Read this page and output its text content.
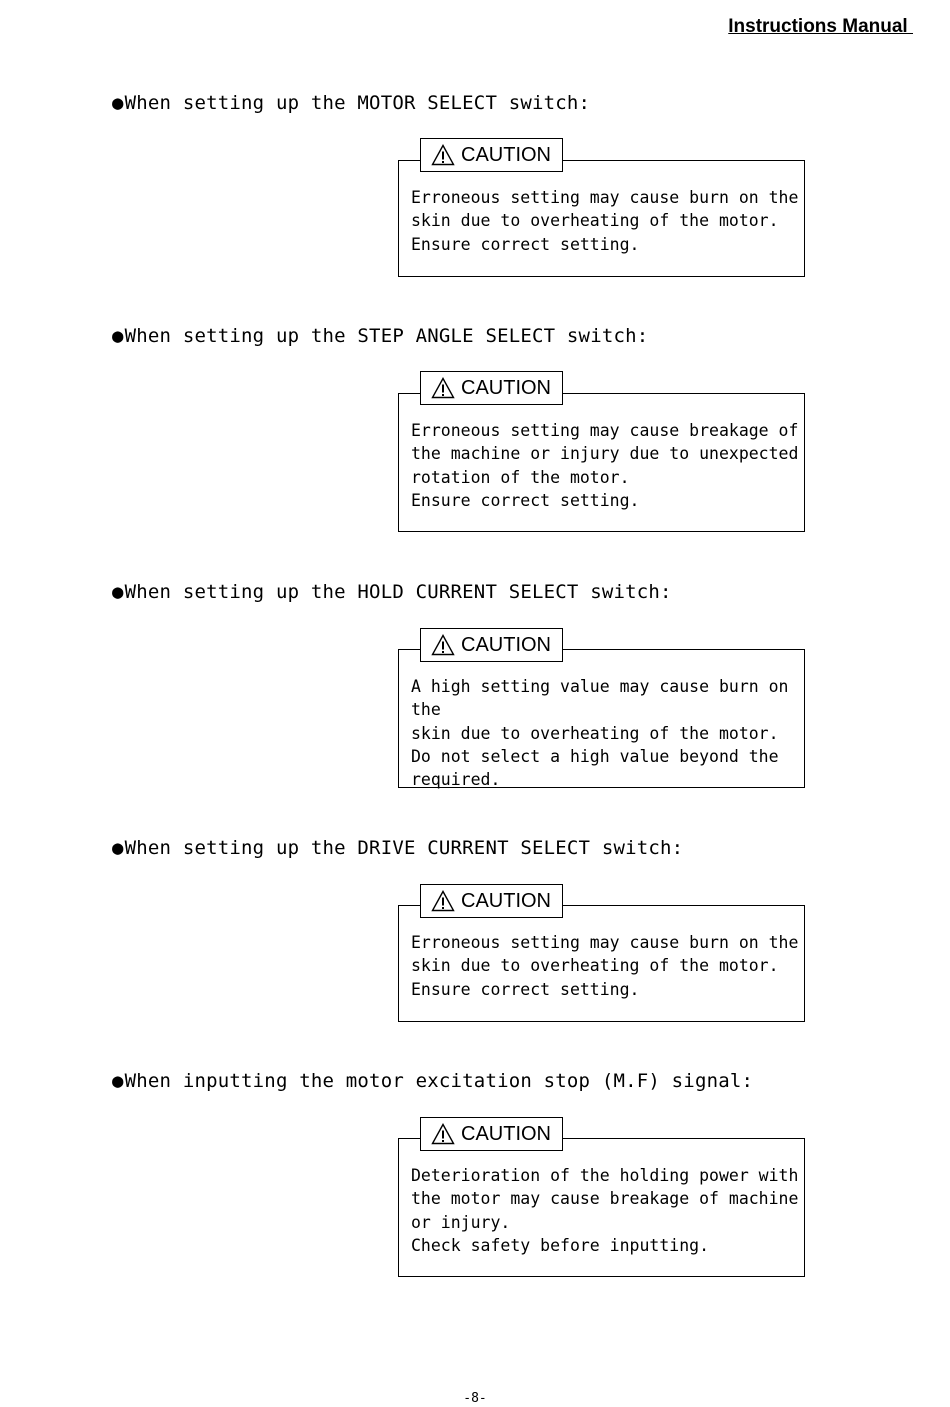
Instructions Manual
●When setting up the MOTOR SELECT switch:
CAUTION
Erroneous setting may cause burn on the
skin due to overheating of the motor.
Ensure correct setting.
●When setting up the STEP ANGLE SELECT switch:
CAUTION
Erroneous setting may cause breakage of
the machine or injury due to unexpected
rotation of the motor.
Ensure correct setting.
●When setting up the HOLD CURRENT SELECT switch:
CAUTION
A high setting value may cause burn on the
skin due to overheating of the motor.
Do not select a high value beyond the
required.
●When setting up the DRIVE CURRENT SELECT switch:
CAUTION
Erroneous setting may cause burn on the
skin due to overheating of the motor.
Ensure correct setting.
●When inputting the motor excitation stop (M.F) signal:
CAUTION
Deterioration of the holding power with
the motor may cause breakage of machine
or injury.
Check safety before inputting.
-8-
